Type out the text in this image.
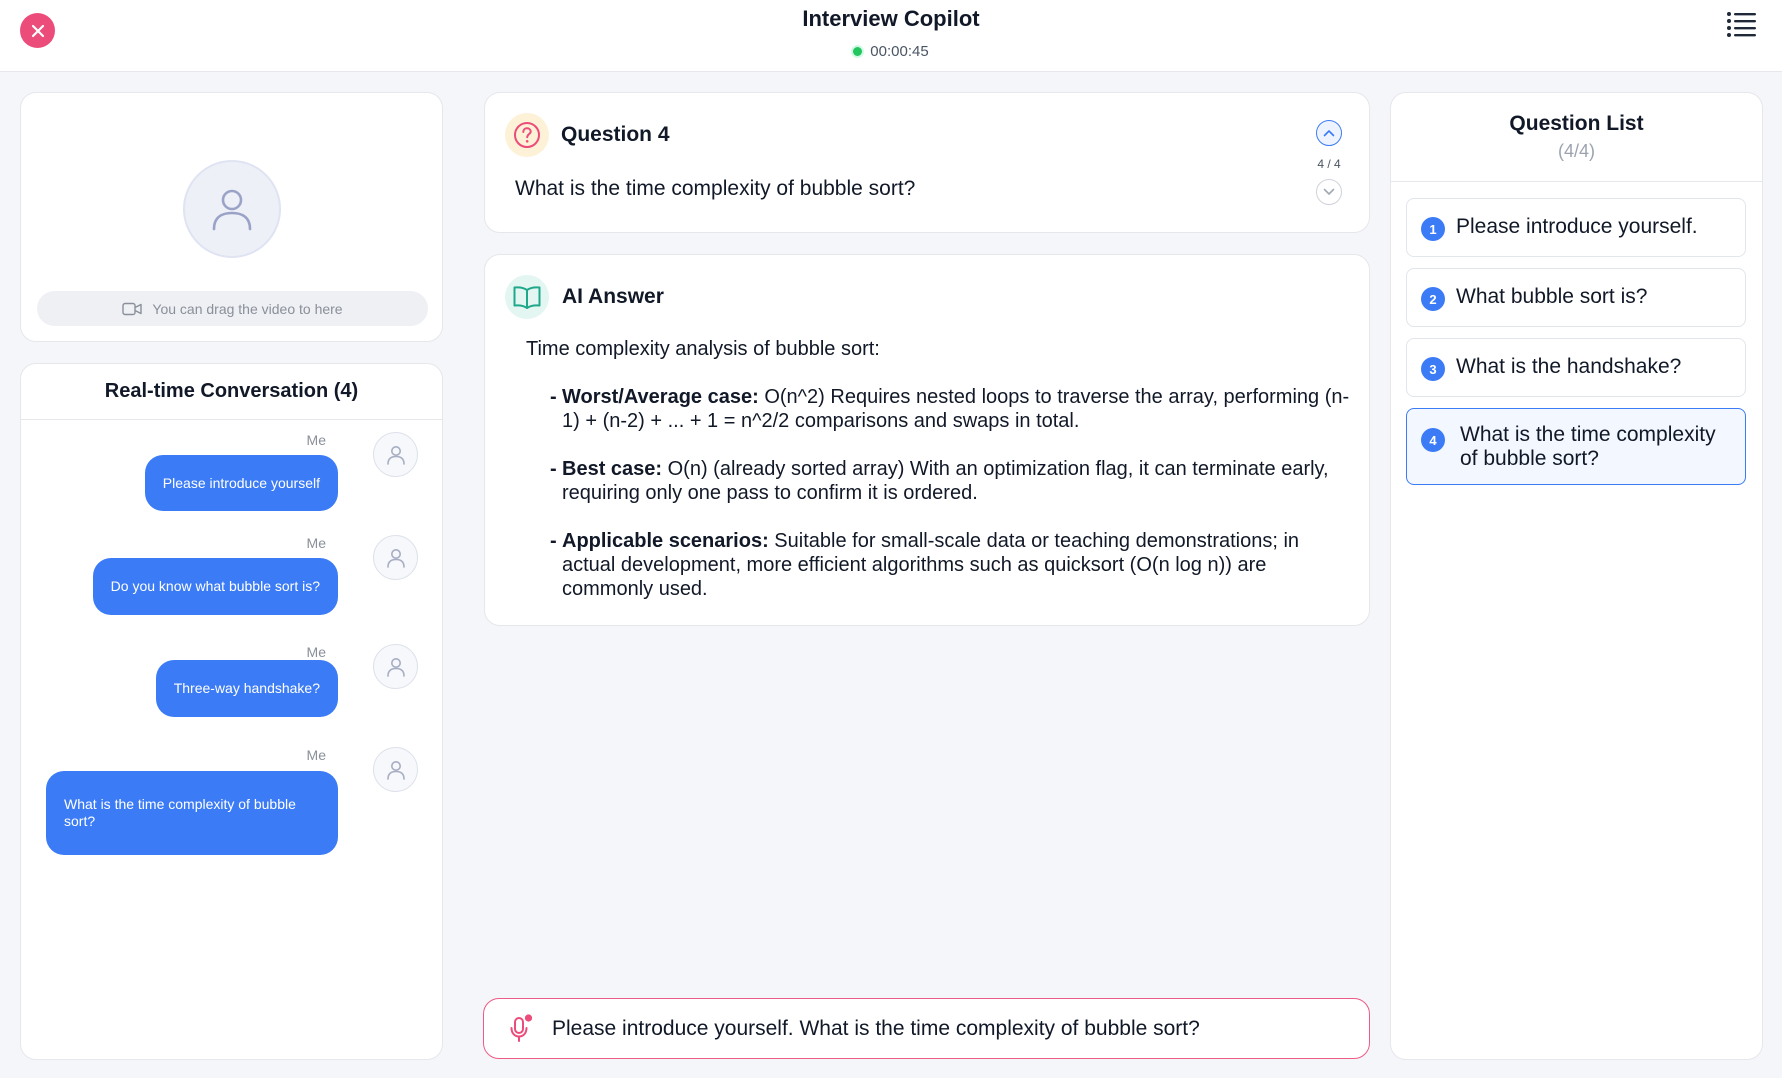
Interview Copilot
00:00:45
You can drag the video to here
Real-time Conversation (4)
Me
Please introduce yourself
Me
Do you know what bubble sort is?
Me
Three-way handshake?
Me
What is the time complexity of bubble sort?
Question 4
What is the time complexity of bubble sort?
4 / 4
AI Answer
Time complexity analysis of bubble sort:
- Worst/Average case: O(n^2) Requires nested loops to traverse the array, performing (n-1) + (n-2) + ... + 1 = n^2/2 comparisons and swaps in total.
- Best case: O(n) (already sorted array) With an optimization flag, it can terminate early, requiring only one pass to confirm it is ordered.
- Applicable scenarios: Suitable for small-scale data or teaching demonstrations; in actual development, more efficient algorithms such as quicksort (O(n log n)) are commonly used.
Please introduce yourself. What is the time complexity of bubble sort?
Question List
(4/4)
1 Please introduce yourself.
2 What bubble sort is?
3 What is the handshake?
4	What is the time complexity of bubble sort?
